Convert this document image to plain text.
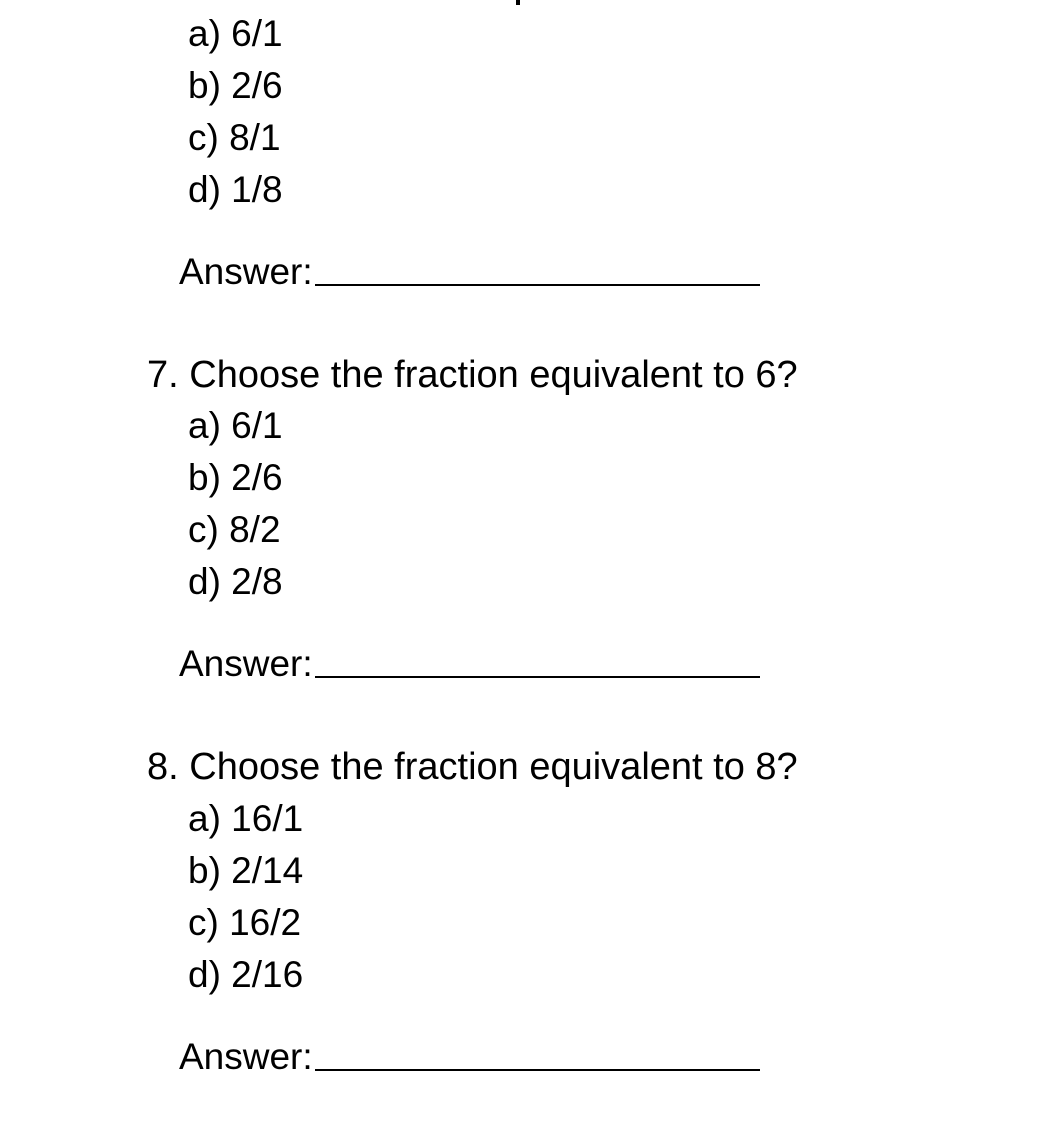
a) 6/1
b) 2/6
c) 8/1
d) 1/8
Answer:
7. Choose the fraction equivalent to 6?
a) 6/1
b) 2/6
c) 8/2
d) 2/8
Answer:
8. Choose the fraction equivalent to 8?
a) 16/1
b) 2/14
c) 16/2
d) 2/16
Answer:
